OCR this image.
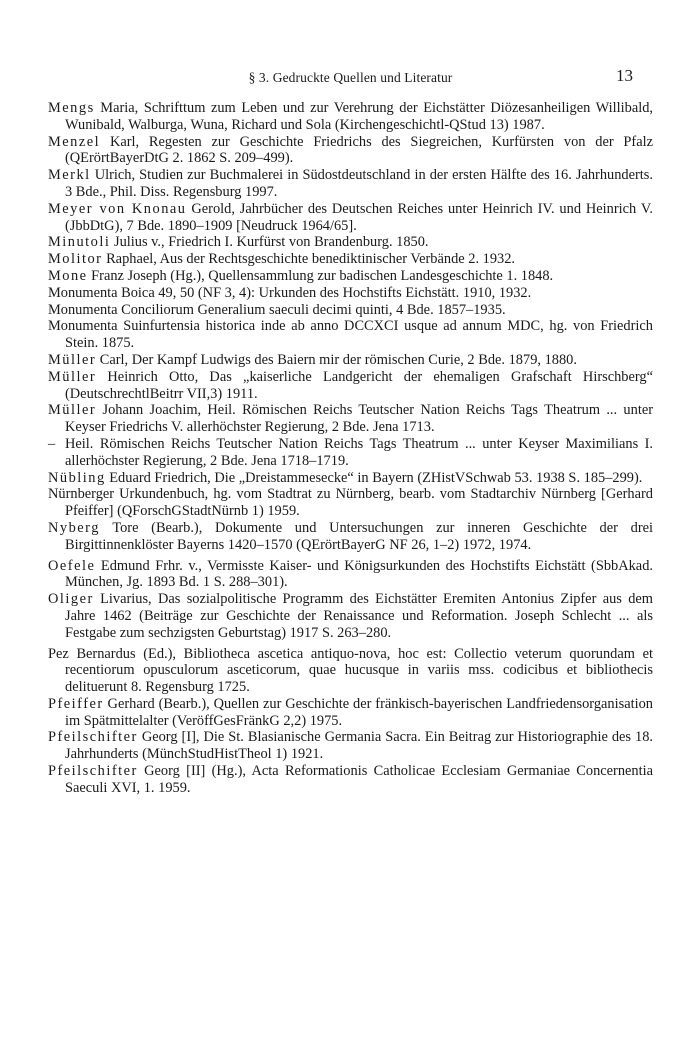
§ 3. Gedruckte Quellen und Literatur	13

Mengs Maria, Schrifttum zum Leben und zur Verehrung der Eichstätter Diözesanheiligen Willibald, Wunibald, Walburga, Wuna, Richard und Sola (Kirchengeschichtl-QStud 13) 1987.

Menzel Karl, Regesten zur Geschichte Friedrichs des Siegreichen, Kurfürsten von der Pfalz (QErörtBayerDtG 2. 1862 S. 209–499).

Merkl Ulrich, Studien zur Buchmalerei in Südostdeutschland in der ersten Hälfte des 16. Jahrhunderts. 3 Bde., Phil. Diss. Regensburg 1997.

Meyer von Knonau Gerold, Jahrbücher des Deutschen Reiches unter Heinrich IV. und Heinrich V. (JbbDtG), 7 Bde. 1890–1909 [Neudruck 1964/65].

Minutoli Julius v., Friedrich I. Kurfürst von Brandenburg. 1850.

Molitor Raphael, Aus der Rechtsgeschichte benediktinischer Verbände 2. 1932.

Mone Franz Joseph (Hg.), Quellensammlung zur badischen Landesgeschichte 1. 1848.

Monumenta Boica 49, 50 (NF 3, 4): Urkunden des Hochstifts Eichstätt. 1910, 1932.

Monumenta Conciliorum Generalium saeculi decimi quinti, 4 Bde. 1857–1935.

Monumenta Suinfurtensia historica inde ab anno DCCXCI usque ad annum MDC, hg. von Friedrich Stein. 1875.

Müller Carl, Der Kampf Ludwigs des Baiern mir der römischen Curie, 2 Bde. 1879, 1880.

Müller Heinrich Otto, Das „kaiserliche Landgericht der ehemaligen Grafschaft Hirschberg“ (DeutschrechtlBeitrr VII,3) 1911.

Müller Johann Joachim, Heil. Römischen Reichs Teutscher Nation Reichs Tags Theatrum ... unter Keyser Friedrichs V. allerhöchster Regierung, 2 Bde. Jena 1713.

– Heil. Römischen Reichs Teutscher Nation Reichs Tags Theatrum ... unter Keyser Maximilians I. allerhöchster Regierung, 2 Bde. Jena 1718–1719.

Nübling Eduard Friedrich, Die „Dreistammesecke“ in Bayern (ZHistVSchwab 53. 1938 S. 185–299).

Nürnberger Urkundenbuch, hg. vom Stadtrat zu Nürnberg, bearb. vom Stadtarchiv Nürnberg [Gerhard Pfeiffer] (QForschGStadtNürnb 1) 1959.

Nyberg Tore (Bearb.), Dokumente und Untersuchungen zur inneren Geschichte der drei Birgittinnenklöster Bayerns 1420–1570 (QErörtBayerG NF 26, 1–2) 1972, 1974.

Oefele Edmund Frhr. v., Vermisste Kaiser- und Königsurkunden des Hochstifts Eichstätt (SbbAkad. München, Jg. 1893 Bd. 1 S. 288–301).

Oliger Livarius, Das sozialpolitische Programm des Eichstätter Eremiten Antonius Zipfer aus dem Jahre 1462 (Beiträge zur Geschichte der Renaissance und Reformation. Joseph Schlecht ... als Festgabe zum sechzigsten Geburtstag) 1917 S. 263–280.

Pez Bernardus (Ed.), Bibliotheca ascetica antiquo-nova, hoc est: Collectio veterum quorundam et recentiorum opusculorum asceticorum, quae hucusque in variis mss. codicibus et bibliothecis delituerunt 8. Regensburg 1725.

Pfeiffer Gerhard (Bearb.), Quellen zur Geschichte der fränkisch-bayerischen Landfriedensorganisation im Spätmittelalter (VeröffGesFränkG 2,2) 1975.

Pfeilschifter Georg [I], Die St. Blasianische Germania Sacra. Ein Beitrag zur Historiographie des 18. Jahrhunderts (MünchStudHistTheol 1) 1921.

Pfeilschifter Georg [II] (Hg.), Acta Reformationis Catholicae Ecclesiam Germaniae Concernentia Saeculi XVI, 1. 1959.
